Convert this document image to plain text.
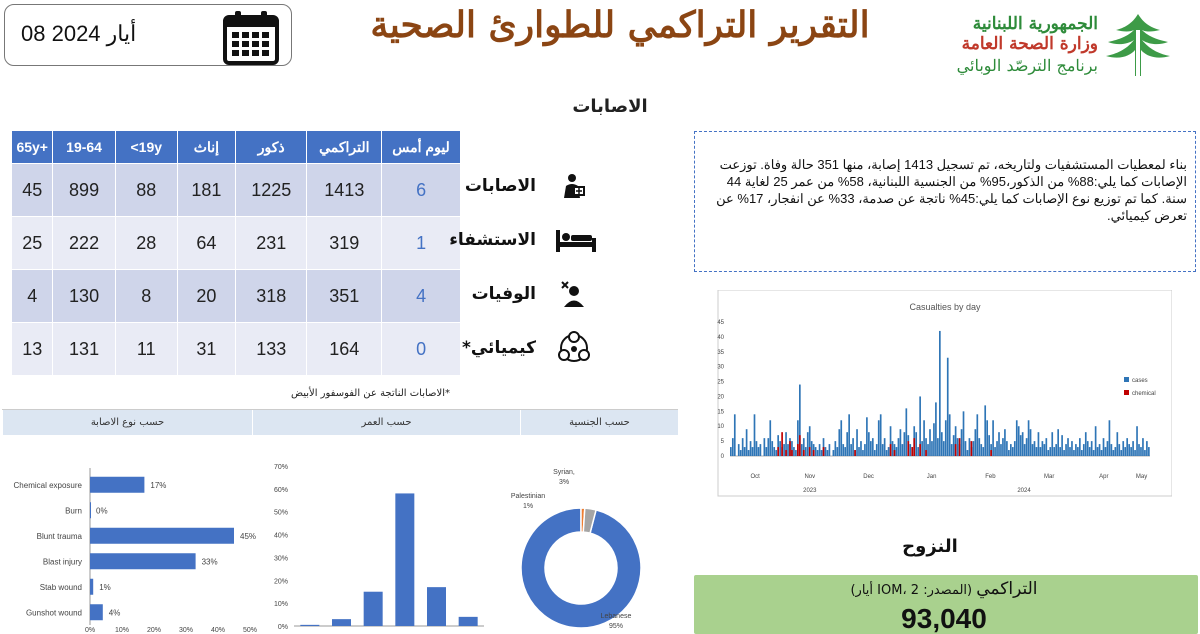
08 أيار 2024	التقرير التراكمي للطوارئ الصحية	الجمهورية اللبنانية
وزارة الصحة العامة
برنامج الترصّد الوبائي
الاصابات
65y+	19-64	<19y	إناث	ذكور	التراكمي	ليوم أمس
45	899	88	181	1225	1413	6
25	222	28	64	231	319	1
4	130	8	20	318	351	4
13	131	11	31	133	164	0
*الاصابات الناتجة عن الفوسفور الأبيض
الاصابات
الاستشفاء
الوفيات
كيميائي*
بناء لمعطيات المستشفيات ولتاريخه، تم تسجيل 1413 إصابة، منها 351 حالة وفاة. توزعت الإصابات كما يلي:88% من الذكور،95% من الجنسية اللبنانية، 58% من عمر 25 لغاية 44 سنة. كما تم توزيع نوع الإصابات كما يلي:45% ناتجة عن صدمة، 33% عن انفجار، 17% عن تعرض كيميائي.
حسب نوع الاصابة	حسب العمر	حسب الجنسية
Chemical exposure	17%
Burn 0%
Blunt trauma	45%
Blast injury	33%
Stab wound 1%
Gunshot wound	4%
0%	10%	20%	30%	40%	50%	0%
10%
20%
30%
40%
50%
60%
70%
Lebanese
95%
Palestinian
1%
Syrian,
3%
Casualties by day
0
5
10
15
20
25
30
35
40
45
Oct	Nov	Dec	Jan	Feb	Mar	Apr	May
2023	2024
cases
chemical
النزوح
التراكمي (المصدر: IOM، 2 أيار)
93,040
